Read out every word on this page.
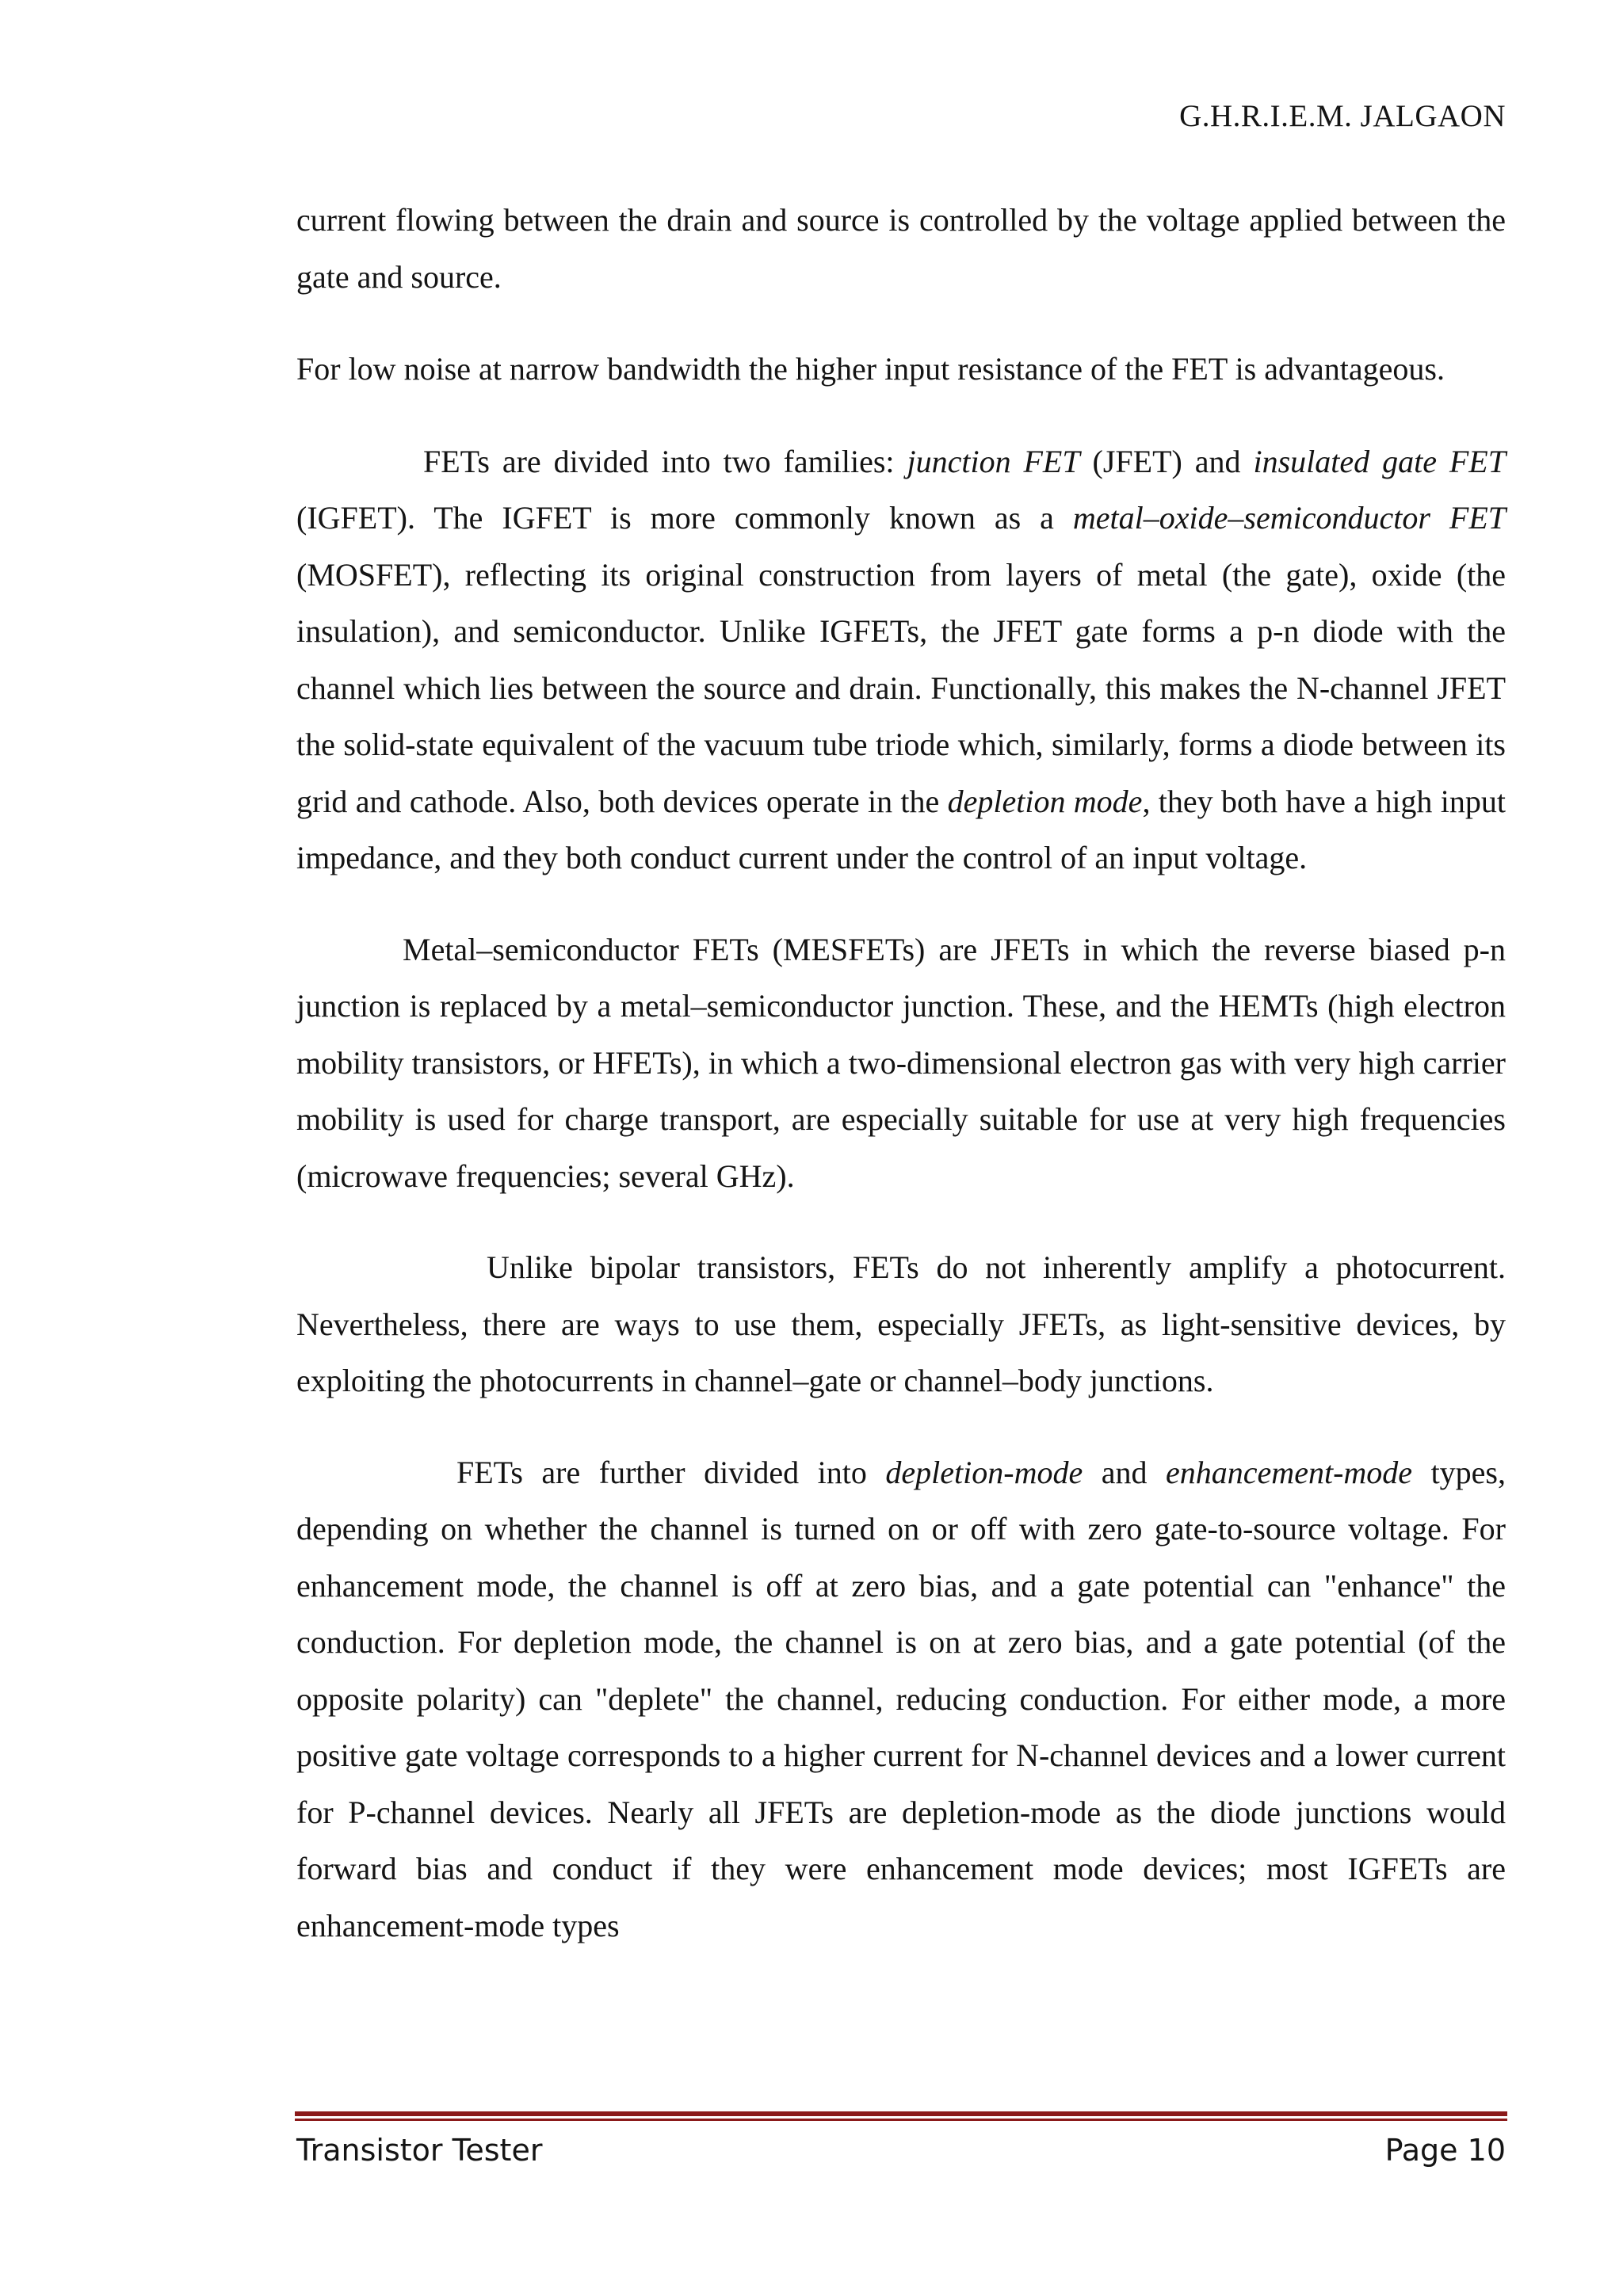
G.H.R.I.E.M. JALGAON

current flowing between the drain and source is controlled by the voltage applied between the gate and source.

For low noise at narrow bandwidth the higher input resistance of the FET is advantageous.

FETs are divided into two families: junction FET (JFET) and insulated gate FET (IGFET). The IGFET is more commonly known as a metal–oxide–semiconductor FET (MOSFET), reflecting its original construction from layers of metal (the gate), oxide (the insulation), and semiconductor. Unlike IGFETs, the JFET gate forms a p-n diode with the channel which lies between the source and drain. Functionally, this makes the N-channel JFET the solid-state equivalent of the vacuum tube triode which, similarly, forms a diode between its grid and cathode. Also, both devices operate in the depletion mode, they both have a high input impedance, and they both conduct current under the control of an input voltage.

Metal–semiconductor FETs (MESFETs) are JFETs in which the reverse biased p-n junction is replaced by a metal–semiconductor junction. These, and the HEMTs (high electron mobility transistors, or HFETs), in which a two-dimensional electron gas with very high carrier mobility is used for charge transport, are especially suitable for use at very high frequencies (microwave frequencies; several GHz).

Unlike bipolar transistors, FETs do not inherently amplify a photocurrent. Nevertheless, there are ways to use them, especially JFETs, as light-sensitive devices, by exploiting the photocurrents in channel–gate or channel–body junctions.

FETs are further divided into depletion-mode and enhancement-mode types, depending on whether the channel is turned on or off with zero gate-to-source voltage. For enhancement mode, the channel is off at zero bias, and a gate potential can "enhance" the conduction. For depletion mode, the channel is on at zero bias, and a gate potential (of the opposite polarity) can "deplete" the channel, reducing conduction. For either mode, a more positive gate voltage corresponds to a higher current for N-channel devices and a lower current for P-channel devices. Nearly all JFETs are depletion-mode as the diode junctions would forward bias and conduct if they were enhancement mode devices; most IGFETs are enhancement-mode types

Transistor Tester	Page 10
